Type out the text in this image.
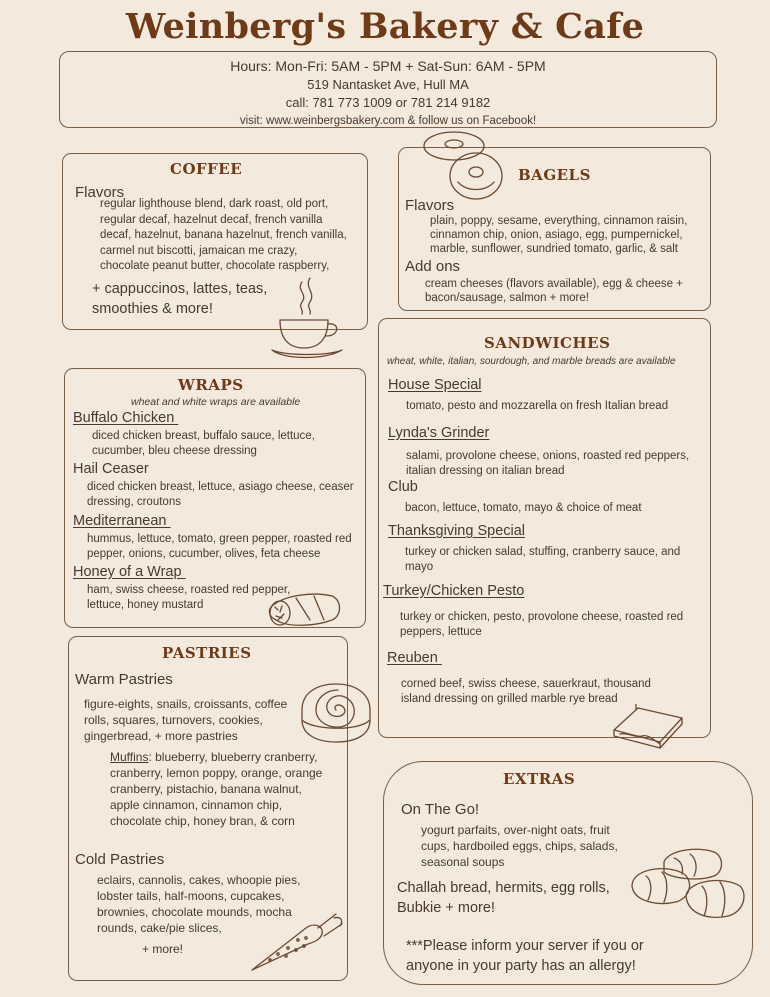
Weinberg's Bakery & Cafe
Hours: Mon-Fri: 5AM - 5PM + Sat-Sun: 6AM - 5PM
519 Nantasket Ave, Hull MA
call: 781 773 1009 or 781 214 9182
visit: www.weinbergsbakery.com & follow us on Facebook!
COFFEE
Flavors
regular lighthouse blend, dark roast, old port,
regular decaf, hazelnut decaf, french vanilla
decaf, hazelnut, banana hazelnut, french vanilla,
carmel nut biscotti, jamaican me crazy,
chocolate peanut butter, chocolate raspberry,
+ cappuccinos, lattes, teas,
smoothies & more!
BAGELS
Flavors
plain, poppy, sesame, everything, cinnamon raisin,
cinnamon chip, onion, asiago, egg, pumpernickel,
marble, sunflower, sundried tomato, garlic, & salt
Add ons
cream cheeses (flavors available), egg & cheese +
bacon/sausage, salmon + more!
WRAPS
wheat and white wraps are available
Buffalo Chicken
diced chicken breast, buffalo sauce, lettuce,
cucumber, bleu cheese dressing
Hail Ceaser
diced chicken breast, lettuce, asiago cheese, ceaser
dressing, croutons
Mediterranean
hummus, lettuce, tomato, green pepper, roasted red
pepper, onions, cucumber, olives, feta cheese
Honey of a Wrap
ham, swiss cheese, roasted red pepper,
lettuce, honey mustard
SANDWICHES
wheat, white, italian, sourdough, and marble breads are available
House Special
tomato, pesto and mozzarella on fresh Italian bread
Lynda's Grinder
salami, provolone cheese, onions, roasted red peppers,
italian dressing on italian bread
Club
bacon, lettuce, tomato, mayo & choice of meat
Thanksgiving Special
turkey or chicken salad, stuffing, cranberry sauce, and
mayo
Turkey/Chicken Pesto
turkey or chicken, pesto, provolone cheese, roasted red
peppers, lettuce
Reuben
corned beef, swiss cheese, sauerkraut, thousand
island dressing on grilled marble rye bread
PASTRIES
Warm Pastries
figure-eights, snails, croissants, coffee
rolls, squares, turnovers, cookies,
gingerbread, + more pastries
Muffins: blueberry, blueberry cranberry,
cranberry, lemon poppy, orange, orange
cranberry, pistachio, banana walnut,
apple cinnamon, cinnamon chip,
chocolate chip, honey bran, & corn
Cold Pastries
eclairs, cannolis, cakes, whoopie pies,
lobster tails, half-moons, cupcakes,
brownies, chocolate mounds, mocha
rounds, cake/pie slices,
+ more!
EXTRAS
On The Go!
yogurt parfaits, over-night oats, fruit
cups, hardboiled eggs, chips, salads,
seasonal soups
Challah bread, hermits, egg rolls,
Bubkie + more!
***Please inform your server if you or
anyone in your party has an allergy!
